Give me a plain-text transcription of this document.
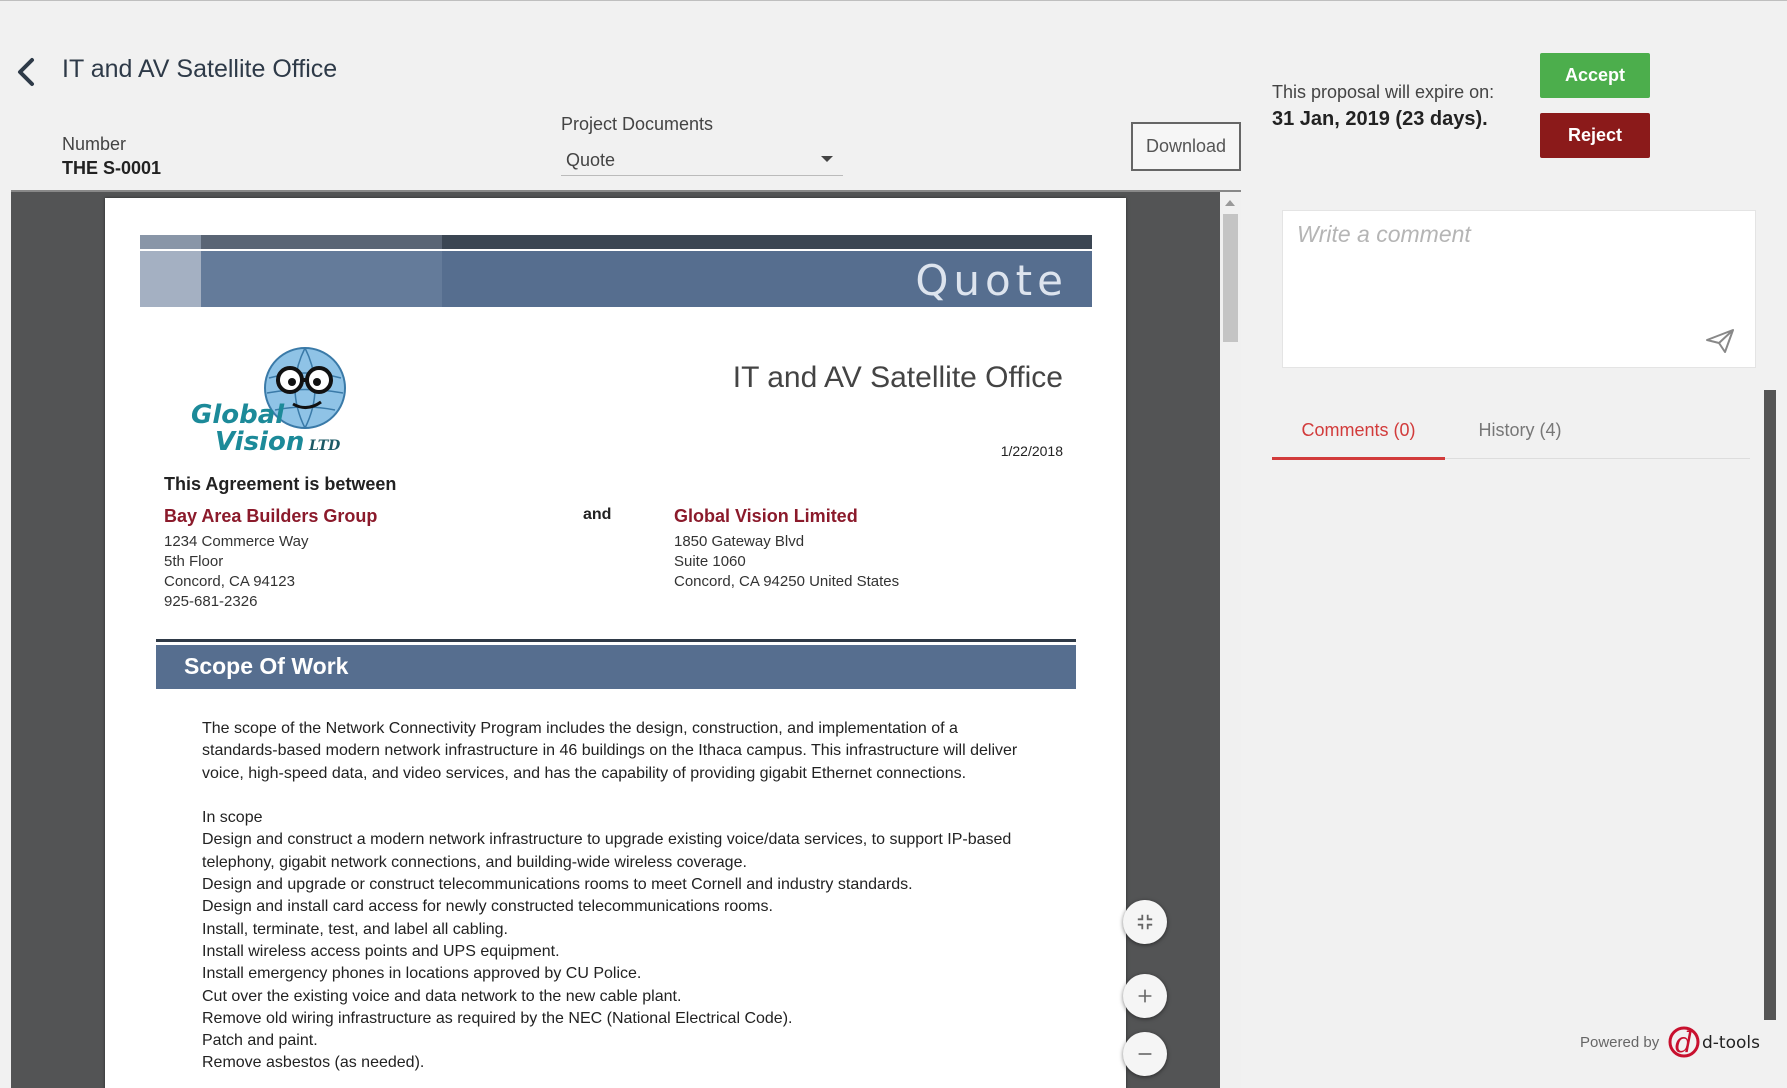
IT and AV Satellite Office
Number
THE S-0001
Project Documents
Quote
Download
Quote
Global
Vision LTD
IT and AV Satellite Office
1/22/2018
This Agreement is between
Bay Area Builders Group
1234 Commerce Way
5th Floor
Concord, CA 94123
925-681-2326
and	Global Vision Limited
1850 Gateway Blvd
Suite 1060
Concord, CA 94250 United States
Scope Of Work
The scope of the Network Connectivity Program includes the design, construction, and implementation of a standards-based modern network infrastructure in 46 buildings on the Ithaca campus. This infrastructure will deliver voice, high-speed data, and video services, and has the capability of providing gigabit Ethernet connections.
In scope
Design and construct a modern network infrastructure to upgrade existing voice/data services, to support IP-based telephony, gigabit network connections, and building-wide wireless coverage.
Design and upgrade or construct telecommunications rooms to meet Cornell and industry standards.
Design and install card access for newly constructed telecommunications rooms.
Install, terminate, test, and label all cabling.
Install wireless access points and UPS equipment.
Install emergency phones in locations approved by CU Police.
Cut over the existing voice and data network to the new cable plant.
Remove old wiring infrastructure as required by the NEC (National Electrical Code).
Patch and paint.
Remove asbestos (as needed).
This proposal will expire on:
31 Jan, 2019 (23 days).
Accept
Reject
Write a comment
Comments (0)	History (4)
Powered by d d-tools
